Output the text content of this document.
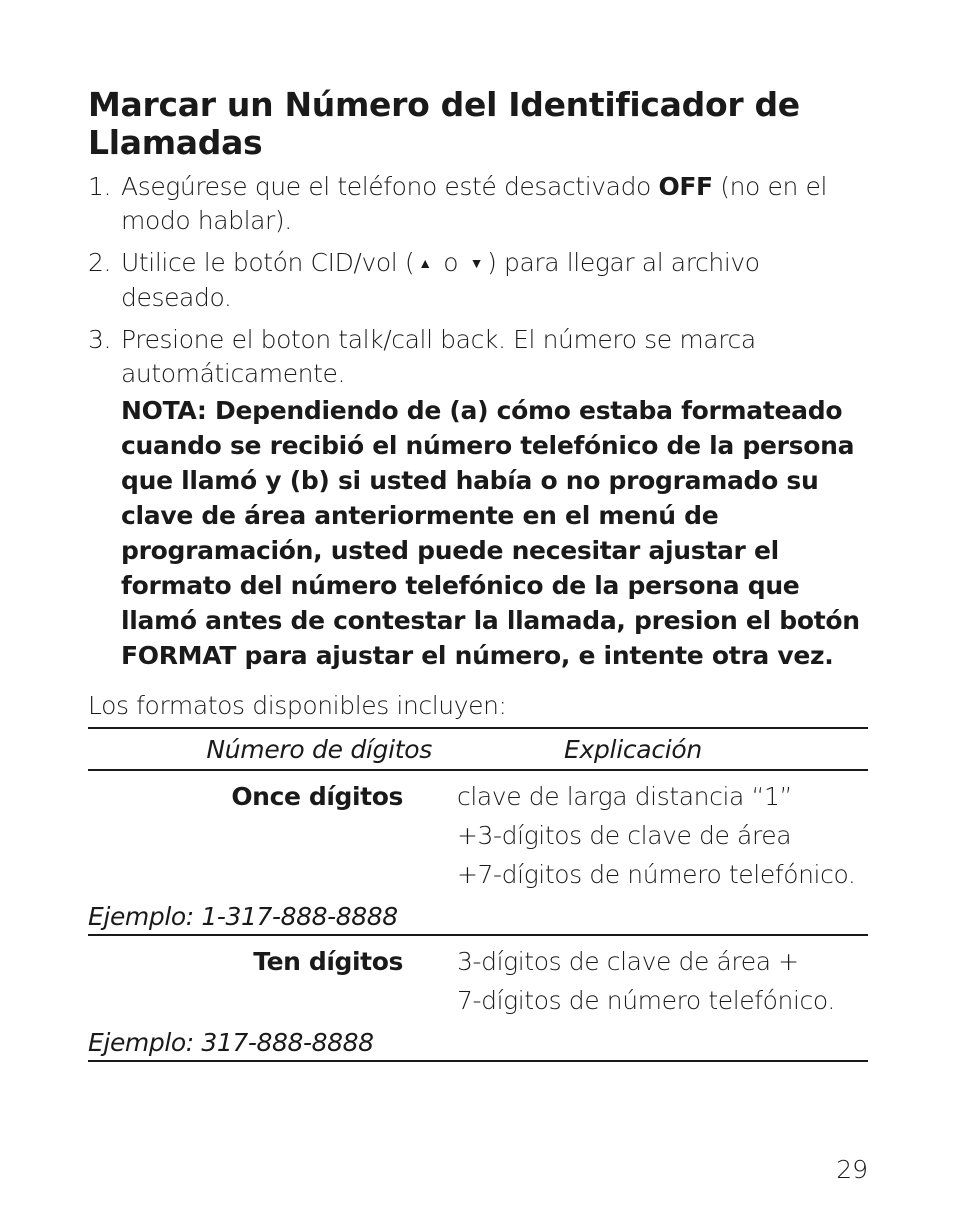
Marcar un Número del Identificador de Llamadas
1. Asegúrese que el teléfono esté desactivado OFF (no en el modo hablar).
2. Utilice le botón CID/vol ( ▲ o ▼ ) para llegar al archivo deseado.
3. Presione el boton talk/call back. El número se marca automáticamente.
NOTA: Dependiendo de (a) cómo estaba formateado cuando se recibió el número telefónico de la persona que llamó y (b) si usted había o no programado su clave de área anteriormente en el menú de programación, usted puede necesitar ajustar el formato del número telefónico de la persona que llamó antes de contestar la llamada, presion el botón FORMAT para ajustar el número, e intente otra vez.
Los formatos disponibles incluyen:
Número de dígitos	Explicación
Once dígitos clave de larga distancia “1”
+3-dígitos de clave de área
+7-dígitos de número telefónico.
Ejemplo: 1-317-888-8888
Ten dígitos 3-dígitos de clave de área +
7-dígitos de número telefónico.
Ejemplo: 317-888-8888
29
